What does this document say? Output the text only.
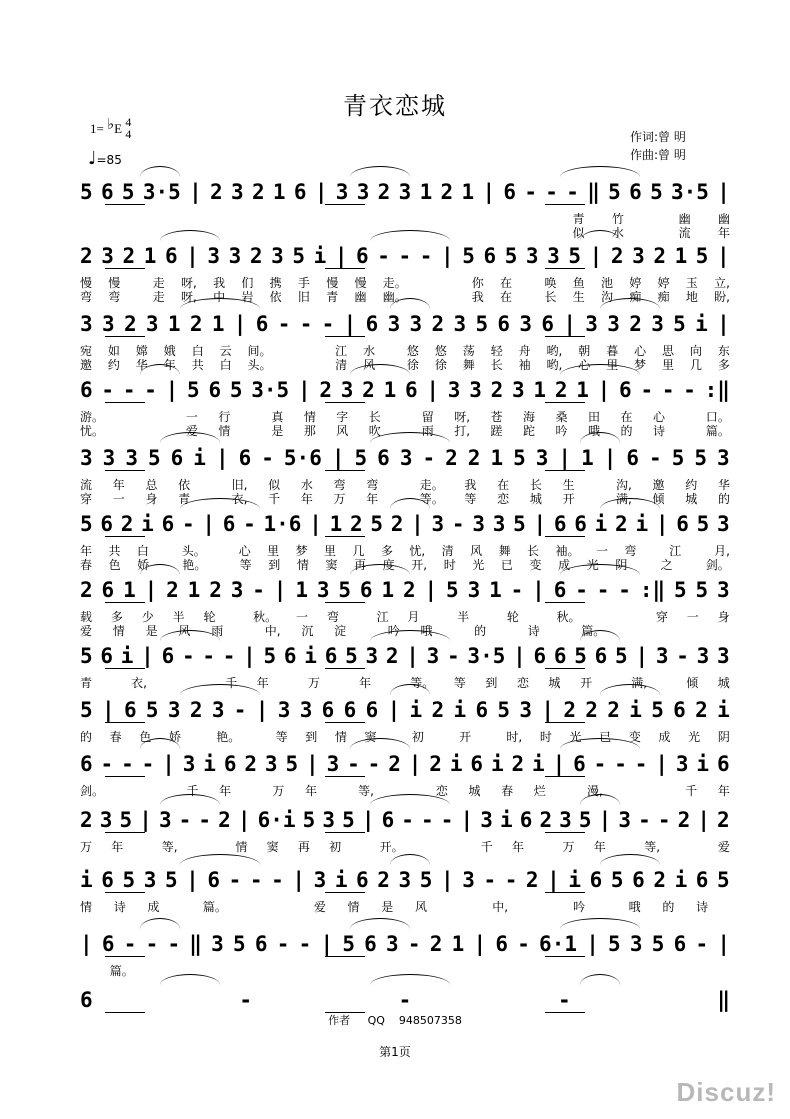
青衣恋城
1= ♭E 4
4
♩=85
作词:曾 明
作曲:曾 明
5 6 5 3·5 | 2 3 2 1 6 | 3 3 2 3 1 2 1 | 6 - - - ‖ 5 6 5 3·5 |
青 竹	幽 幽
似 水	流 年
2 3 2 1 6 | 3 3 2 3 5 i | 6 - - - | 5 6 5 3 3 5 | 2 3 2 1 5 |
慢 慢	走 呀, 我 们 携 手 慢 慢 走。	你 在	唤 鱼 池 婷 婷 玉 立,
弯 弯	走 呀, 中 岩 依 旧 青 幽 幽。	我 在	长 生 沟 痴 痴 地 盼,
3 3 2 3 1 2 1 | 6 - - - | 6 3 3 2 3 5 6 3 6 | 3 3 2 3 5 i |
宛 如 嫦 娥 白 云 间。	江 水	悠 悠 荡 轻 舟 哟, 朝 暮 心 思 向 东
邀 约 华 年 共 白 头。	清 风	徐 徐 舞 长 袖 哟, 心 里 梦 里 几 多
6 - - - | 5 6 5 3·5 | 2 3 2 1 6 | 3 3 2 3 1 2 1 | 6 - - - :‖
游。	一 行	真 情 字 长	留 呀, 苍 海 桑 田 在 心	口。
忧。	爱 情	是 那 风 吹	雨 打, 蹉 跎 吟 哦 的 诗	篇。
3 3 3 5 6 i | 6 - 5·6 | 5 6 3 - 2 2 1 5 3 | 1 | 6 - 5 5 3
流 年 总 依	旧, 似 水 弯 弯	走。 我 在 长 生	沟, 邀 约 华
穿 一 身 青	衣, 千 年 万 年	等。 等 恋 城 开	满, 倾 城 的
5 6 2 i 6 - | 6 - 1·6 | 1 2 5 2 | 3 - 3 3 5 | 6 6 i 2 i | 6 5 3
年 共 白	头。	心 里 梦 里 几 多 忧, 清 风 舞 长 袖。 一 弯	江	月,
春 色 娇	艳。	等 到 情 窦 再 度 开, 时 光 已 变 成 光 阴	之	剑。
2 6 1 | 2 1 2 3 - | 1 3 5 6 1 2 | 5 3 1 - | 6 - - - :‖ 5 5 3
载 多 少 半 轮	秋。 一 弯	江 月	半	轮	秋。	穿 一 身
爱 情 是 风 雨	中, 沉 淀	吟 哦	的	诗	篇。
5 6 i | 6 - - - | 5 6 i 6 5 3 2 | 3 - 3·5 | 6 6 5 6 5 | 3 - 3 3
青	衣,	千 年	万	年	等。 等 到 恋 城 开	满,	倾 城
5 | 6 5 3 2 3 - | 3 3 6 6 6 | i 2 i 6 5 3 | 2 2 2 i 5 6 2 i
的 春 色 娇	艳。	等 到 情 窦	初	开	时, 时 光 已 变 成 光 阴
6 - - - | 3 i 6 2 3 5 | 3 - - 2 | 2 i 6 i 2 i | 6 - - - | 3 i 6
剑。	千 年	万 年	等,	恋 城 春 烂	漫,	千 年
2 3 5 | 3 - - 2 | 6·i 5 3 5 | 6 - - - | 3 i 6 2 3 5 | 3 - - 2 | 2
万 年	等,	情 窦 再 初	开。	千 年	万 年	等,	爱
i 6 5 3 5 | 6 - - - | 3 i 6 2 3 5 | 3 - - 2 | i 6 5 6 2 i 6 5
情 诗 成	篇。	爱 情 是 风	中,	吟	哦 的 诗
| 6 - - - ‖ 3 5 6 - - | 5 6 3 - 2 1 | 6 - 6·1 | 5 3 5 6 - |
篇。
6	-	-	-	‖
作者 QQ 948507358
第1页
Discuz!
